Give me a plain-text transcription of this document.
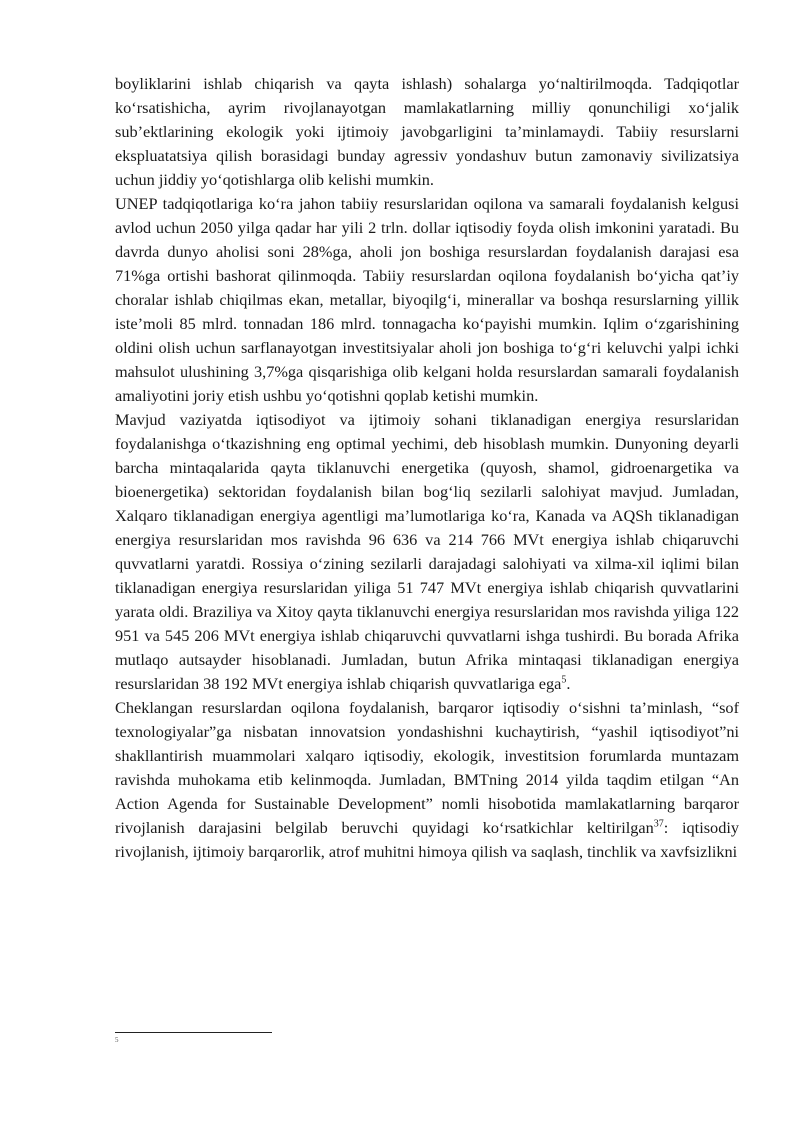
boyliklarini ishlab chiqarish va qayta ishlash) sohalarga yo‘naltirilmoqda. Tadqiqotlar ko‘rsatishicha, ayrim rivojlanayotgan mamlakatlarning milliy qonunchiligi xo‘jalik sub’ektlarining ekologik yoki ijtimoiy javobgarligini ta’minlamaydi. Tabiiy resurslarni ekspluatatsiya qilish borasidagi bunday agressiv yondashuv butun zamonaviy sivilizatsiya uchun jiddiy yo‘qotishlarga olib kelishi mumkin.

UNEP tadqiqotlariga ko‘ra jahon tabiiy resurslaridan oqilona va samarali foydalanish kelgusi avlod uchun 2050 yilga qadar har yili 2 trln. dollar iqtisodiy foyda olish imkonini yaratadi. Bu davrda dunyo aholisi soni 28%ga, aholi jon boshiga resurslardan foydalanish darajasi esa 71%ga ortishi bashorat qilinmoqda. Tabiiy resurslardan oqilona foydalanish bo‘yicha qat’iy choralar ishlab chiqilmas ekan, metallar, biyoqilg‘i, minerallar va boshqa resurslarning yillik iste’moli 85 mlrd. tonnadan 186 mlrd. tonnagacha ko‘payishi mumkin. Iqlim o‘zgarishining oldini olish uchun sarflanayotgan investitsiyalar aholi jon boshiga to‘g‘ri keluvchi yalpi ichki mahsulot ulushining 3,7%ga qisqarishiga olib kelgani holda resurslardan samarali foydalanish amaliyotini joriy etish ushbu yo‘qotishni qoplab ketishi mumkin.

Mavjud vaziyatda iqtisodiyot va ijtimoiy sohani tiklanadigan energiya resurslaridan foydalanishga o‘tkazishning eng optimal yechimi, deb hisoblash mumkin. Dunyoning deyarli barcha mintaqalarida qayta tiklanuvchi energetika (quyosh, shamol, gidroenargetika va bioenergetika) sektoridan foydalanish bilan bog‘liq sezilarli salohiyat mavjud. Jumladan, Xalqaro tiklanadigan energiya agentligi ma’lumotlariga ko‘ra, Kanada va AQSh tiklanadigan energiya resurslaridan mos ravishda 96 636 va 214 766 MVt energiya ishlab chiqaruvchi quvvatlarni yaratdi. Rossiya o‘zining sezilarli darajadagi salohiyati va xilma-xil iqlimi bilan tiklanadigan energiya resurslaridan yiliga 51 747 MVt energiya ishlab chiqarish quvvatlarini yarata oldi. Braziliya va Xitoy qayta tiklanuvchi energiya resurslaridan mos ravishda yiliga 122 951 va 545 206 MVt energiya ishlab chiqaruvchi quvvatlarni ishga tushirdi. Bu borada Afrika mutlaqo autsayder hisoblanadi. Jumladan, butun Afrika mintaqasi tiklanadigan energiya resurslaridan 38 192 MVt energiya ishlab chiqarish quvvatlariga ega$^5$.

Cheklangan resurslardan oqilona foydalanish, barqaror iqtisodiy o‘sishni ta’minlash, “sof texnologiyalar”ga nisbatan innovatsion yondashishni kuchaytirish, “yashil iqtisodiyot”ni shakllantirish muammolari xalqaro iqtisodiy, ekologik, investitsion forumlarda muntazam ravishda muhokama etib kelinmoqda. Jumladan, BMTning 2014 yilda taqdim etilgan “An Action Agenda for Sustainable Development” nomli hisobotida mamlakatlarning barqaror rivojlanish darajasini belgilab beruvchi quyidagi ko‘rsatkichlar keltirilgan$^{37}$: iqtisodiy rivojlanish, ijtimoiy barqarorlik, atrof muhitni himoya qilish va saqlash, tinchlik va xavfsizlikni

5
